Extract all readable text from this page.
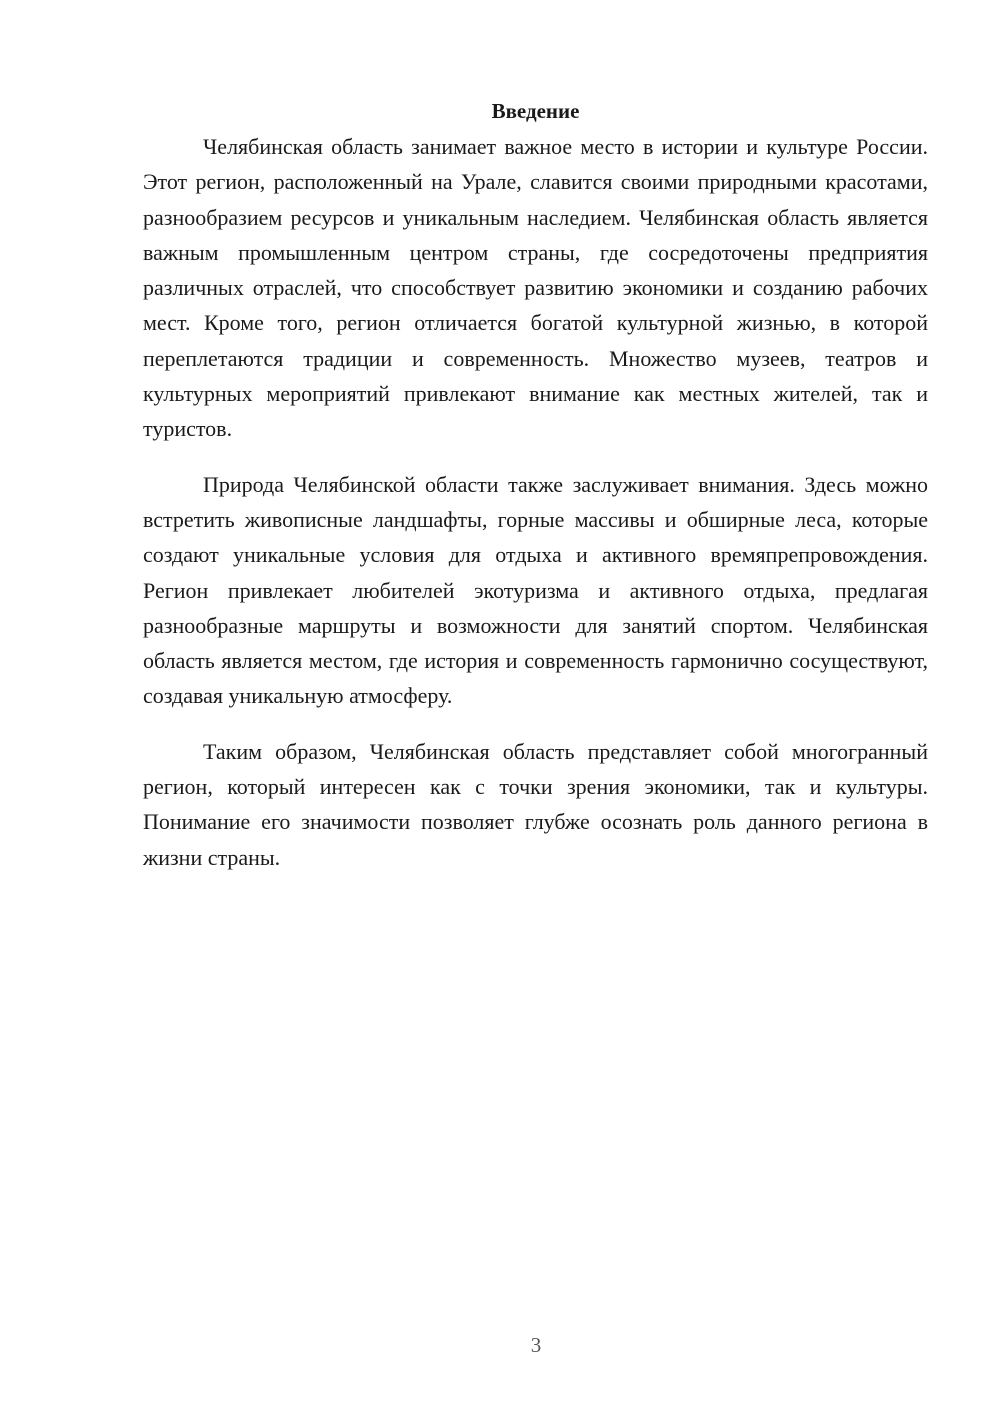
Введение

Челябинская область занимает важное место в истории и культуре России. Этот регион, расположенный на Урале, славится своими природными красотами, разнообразием ресурсов и уникальным наследием. Челябинская область является важным промышленным центром страны, где сосредоточены предприятия различных отраслей, что способствует развитию экономики и созданию рабочих мест. Кроме того, регион отличается богатой культурной жизнью, в которой переплетаются традиции и современность. Множество музеев, театров и культурных мероприятий привлекают внимание как местных жителей, так и туристов.

Природа Челябинской области также заслуживает внимания. Здесь можно встретить живописные ландшафты, горные массивы и обширные леса, которые создают уникальные условия для отдыха и активного времяпрепровождения. Регион привлекает любителей экотуризма и активного отдыха, предлагая разнообразные маршруты и возможности для занятий спортом. Челябинская область является местом, где история и современность гармонично сосуществуют, создавая уникальную атмосферу.

Таким образом, Челябинская область представляет собой многогранный регион, который интересен как с точки зрения экономики, так и культуры. Понимание его значимости позволяет глубже осознать роль данного региона в жизни страны.

3
